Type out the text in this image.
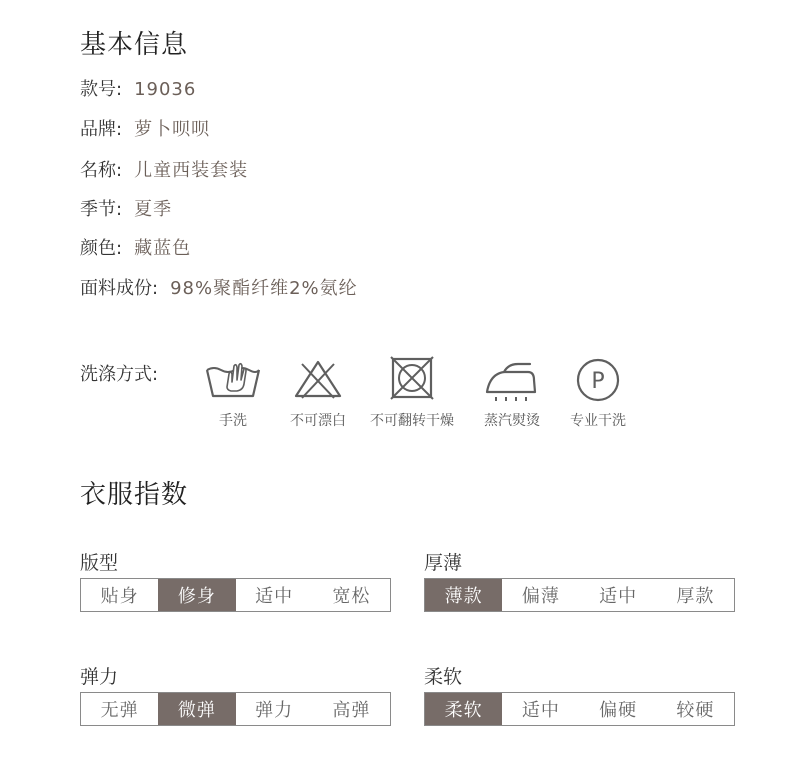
基本信息
款号: 19036
品牌: 萝卜呗呗
名称: 儿童西装套装
季节: 夏季
颜色: 藏蓝色
面料成份: 98%聚酯纤维2%氨纶
洗涤方式:
手洗	不可漂白	不可翻转干燥	蒸汽熨烫
P
专业干洗
衣服指数
版型
贴身	修身	适中	宽松
厚薄
薄款	偏薄	适中	厚款
弹力
无弹	微弹	弹力	高弹
柔软
柔软	适中	偏硬	较硬
